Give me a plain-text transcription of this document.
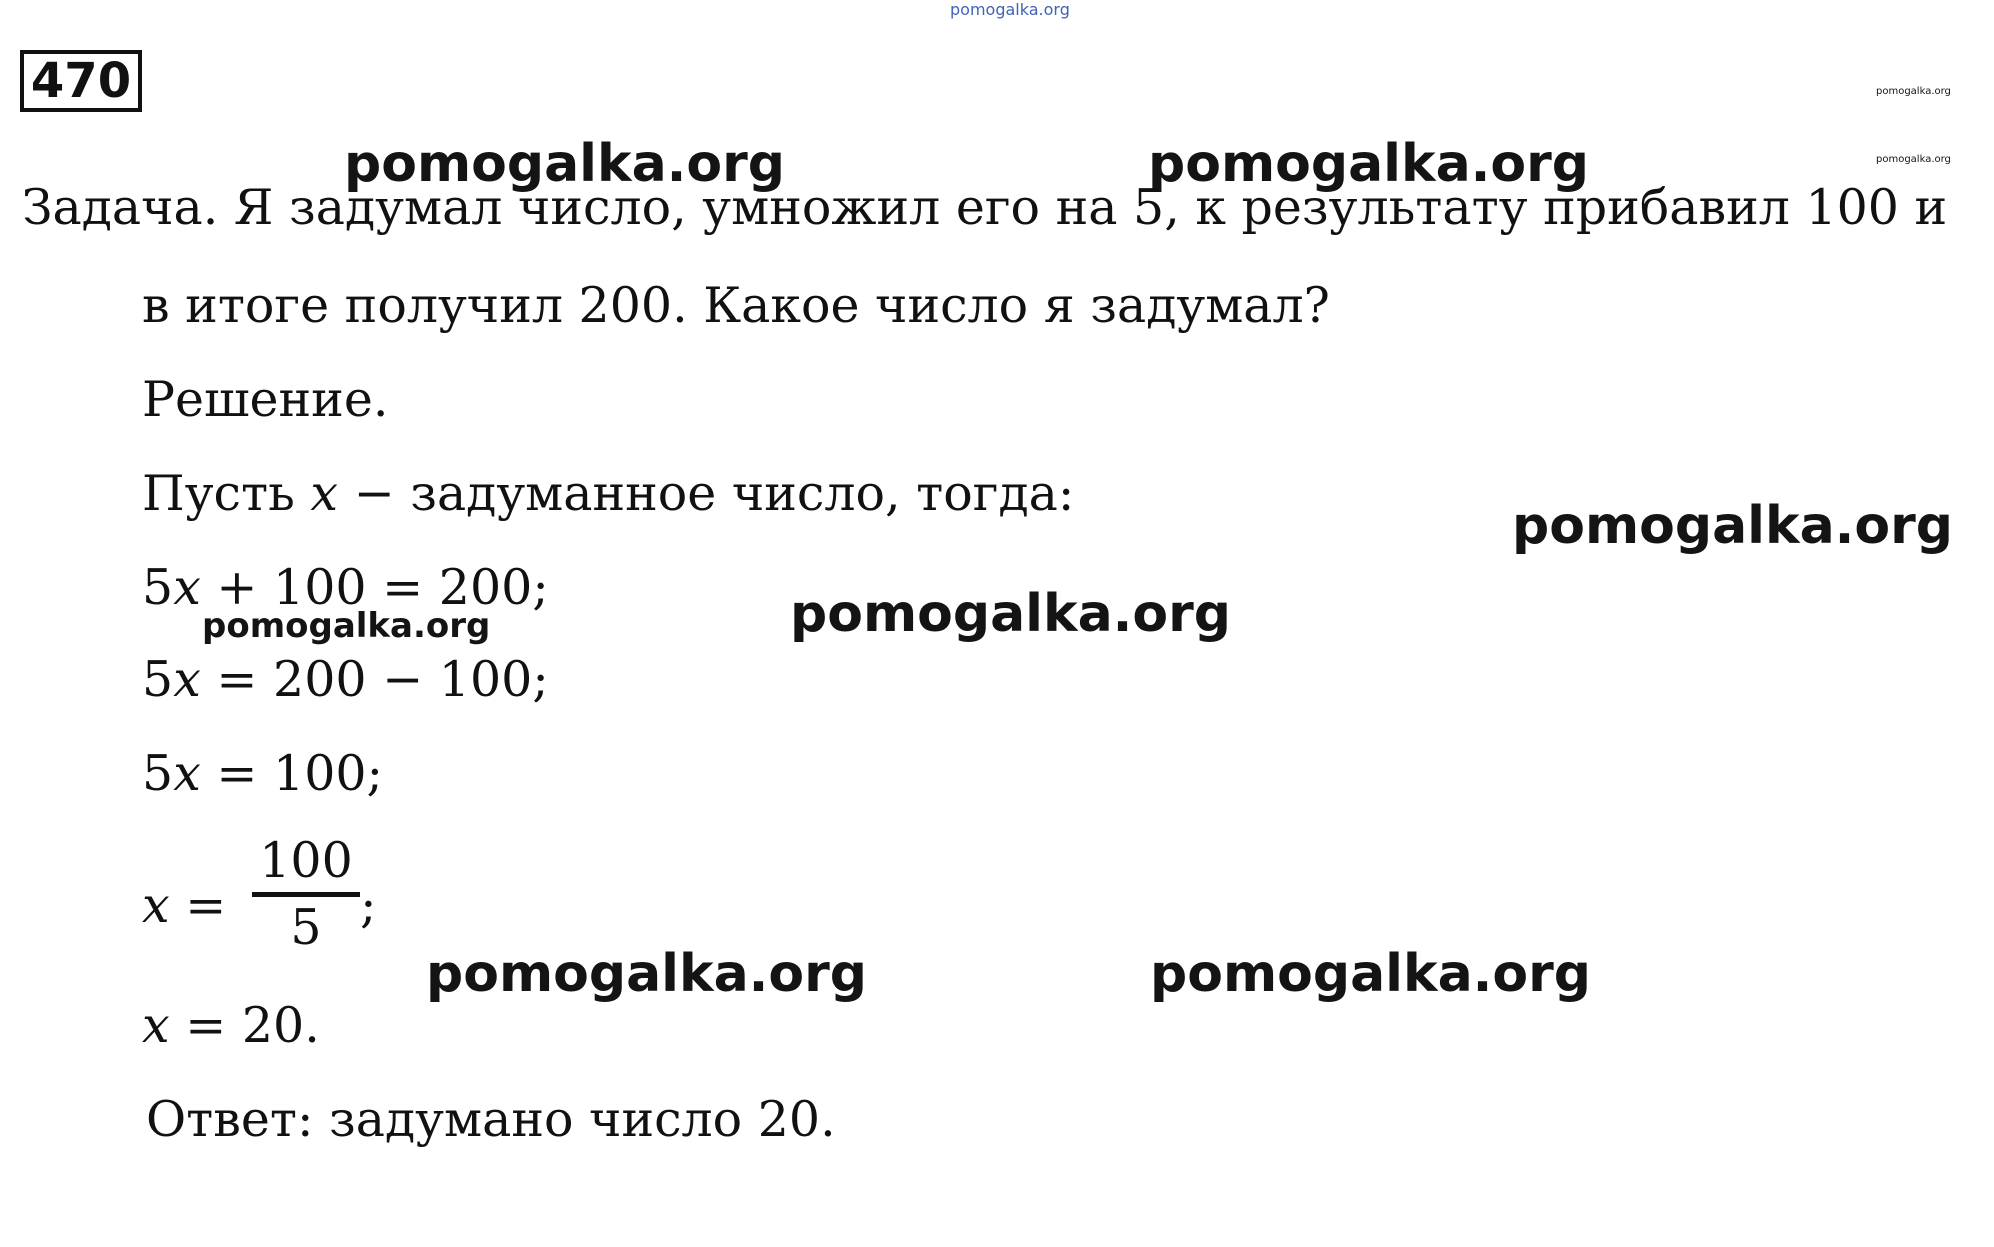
470
pomogalka.org
pomogalka.org
pomogalka.org
pomogalka.org	pomogalka.org
Задача. Я задумал число, умножил его на 5, к результату прибавил 100 и
в итоге получил 200. Какое число я задумал?
Решение.
Пусть x − задуманное число, тогда:
pomogalka.org
5x + 100 = 200;
pomogalka.org	pomogalka.org
5x = 200 − 100;
5x = 100;
x =
100
5 ;
pomogalka.org	pomogalka.org
x = 20.
Ответ: задумано число 20.
